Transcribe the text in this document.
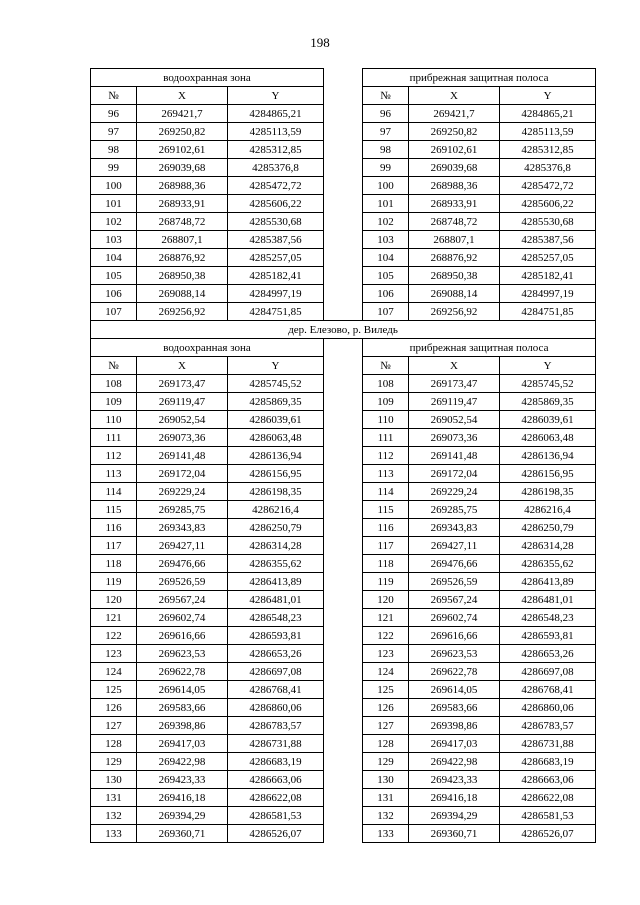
198
водоохранная зона				прибрежная защитная полоса		
№	X	Y		№	X	Y
96	269421,7	4284865,21		96	269421,7	4284865,21
97	269250,82	4285113,59		97	269250,82	4285113,59
98	269102,61	4285312,85		98	269102,61	4285312,85
99	269039,68	4285376,8		99	269039,68	4285376,8
100	268988,36	4285472,72		100	268988,36	4285472,72
101	268933,91	4285606,22		101	268933,91	4285606,22
102	268748,72	4285530,68		102	268748,72	4285530,68
103	268807,1	4285387,56		103	268807,1	4285387,56
104	268876,92	4285257,05		104	268876,92	4285257,05
105	268950,38	4285182,41		105	268950,38	4285182,41
106	269088,14	4284997,19		106	269088,14	4284997,19
107	269256,92	4284751,85		107	269256,92	4284751,85
дер. Елезово, р. Виледь						
водоохранная зона				прибрежная защитная полоса		
№	X	Y		№	X	Y
108	269173,47	4285745,52		108	269173,47	4285745,52
109	269119,47	4285869,35		109	269119,47	4285869,35
110	269052,54	4286039,61		110	269052,54	4286039,61
111	269073,36	4286063,48		111	269073,36	4286063,48
112	269141,48	4286136,94		112	269141,48	4286136,94
113	269172,04	4286156,95		113	269172,04	4286156,95
114	269229,24	4286198,35		114	269229,24	4286198,35
115	269285,75	4286216,4		115	269285,75	4286216,4
116	269343,83	4286250,79		116	269343,83	4286250,79
117	269427,11	4286314,28		117	269427,11	4286314,28
118	269476,66	4286355,62		118	269476,66	4286355,62
119	269526,59	4286413,89		119	269526,59	4286413,89
120	269567,24	4286481,01		120	269567,24	4286481,01
121	269602,74	4286548,23		121	269602,74	4286548,23
122	269616,66	4286593,81		122	269616,66	4286593,81
123	269623,53	4286653,26		123	269623,53	4286653,26
124	269622,78	4286697,08		124	269622,78	4286697,08
125	269614,05	4286768,41		125	269614,05	4286768,41
126	269583,66	4286860,06		126	269583,66	4286860,06
127	269398,86	4286783,57		127	269398,86	4286783,57
128	269417,03	4286731,88		128	269417,03	4286731,88
129	269422,98	4286683,19		129	269422,98	4286683,19
130	269423,33	4286663,06		130	269423,33	4286663,06
131	269416,18	4286622,08		131	269416,18	4286622,08
132	269394,29	4286581,53		132	269394,29	4286581,53
133	269360,71	4286526,07		133	269360,71	4286526,07
